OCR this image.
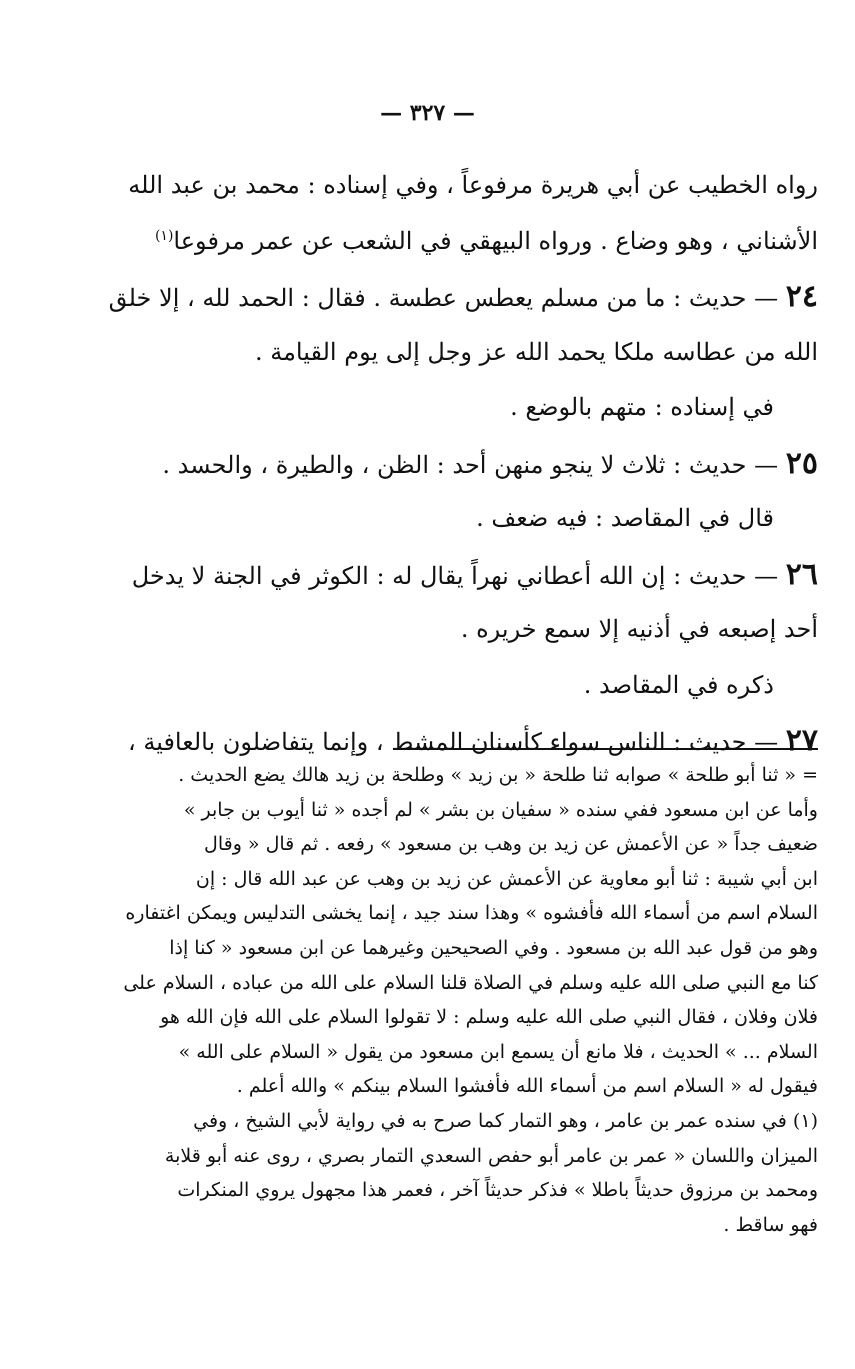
— ٣٢٧ —

رواه الخطيب عن أبي هريرة مرفوعاً ، وفي إسناده : محمد بن عبد الله

الأشناني ، وهو وضاع . ورواه البيهقي في الشعب عن عمر مرفوعا$^{(١)}$

٢٤ — حديث : ما من مسلم يعطس عطسة . فقال : الحمد لله ، إلا خلق

الله من عطاسه ملكا يحمد الله عز وجل إلى يوم القيامة .

في إسناده : متهم بالوضع .

٢٥ — حديث : ثلاث لا ينجو منهن أحد : الظن ، والطيرة ، والحسد .

قال في المقاصد : فيه ضعف .

٢٦ — حديث : إن الله أعطاني نهراً يقال له : الكوثر في الجنة لا يدخل

أحد إصبعه في أذنيه إلا سمع خريره .

ذكره في المقاصد .

٢٧ — حديث : الناس سواء كأسنان المشط ، وإنما يتفاضلون بالعافية ،

= « ثنا أبو طلحة » صوابه ثنا طلحة « بن زيد » وطلحة بن زيد هالك يضع الحديث .

وأما عن ابن مسعود ففي سنده « سفيان بن بشر » لم أجده « ثنا أيوب بن جابر »

ضعيف جداً « عن الأعمش عن زيد بن وهب بن مسعود » رفعه . ثم قال « وقال

ابن أبي شيبة : ثنا أبو معاوية عن الأعمش عن زيد بن وهب عن عبد الله قال : إن

السلام اسم من أسماء الله فأفشوه » وهذا سند جيد ، إنما يخشى التدليس ويمكن اغتفاره

وهو من قول عبد الله بن مسعود . وفي الصحيحين وغيرهما عن ابن مسعود « كنا إذا

كنا مع النبي صلى الله عليه وسلم في الصلاة قلنا السلام على الله من عباده ، السلام على

فلان وفلان ، فقال النبي صلى الله عليه وسلم : لا تقولوا السلام على الله فإن الله هو

السلام ... » الحديث ، فلا مانع أن يسمع ابن مسعود من يقول « السلام على الله »

فيقول له « السلام اسم من أسماء الله فأفشوا السلام بينكم » والله أعلم .

(١) في سنده عمر بن عامر ، وهو التمار كما صرح به في رواية لأبي الشيخ ، وفي

الميزان واللسان « عمر بن عامر أبو حفص السعدي التمار بصري ، روى عنه أبو قلابة

ومحمد بن مرزوق حديثاً باطلا » فذكر حديثاً آخر ، فعمر هذا مجهول يروي المنكرات

فهو ساقط .
